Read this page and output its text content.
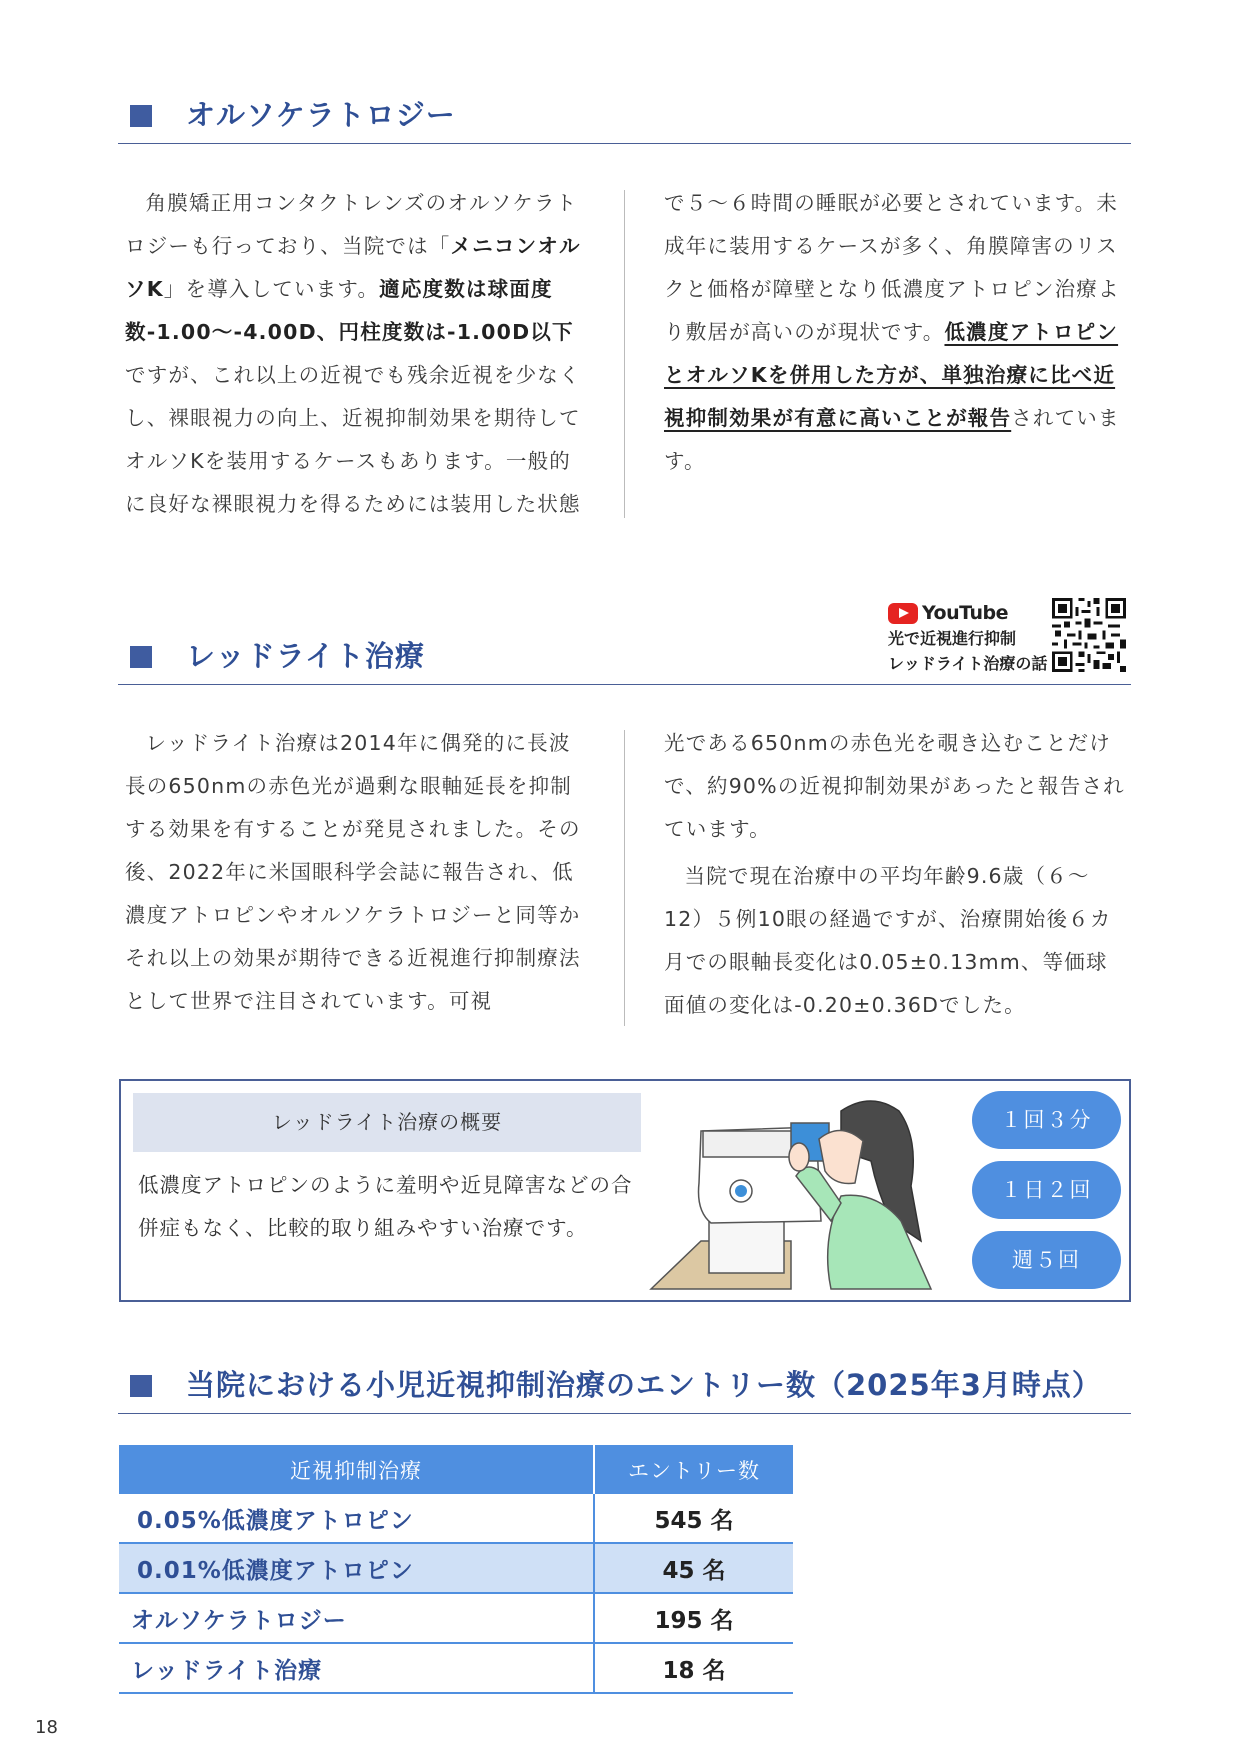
オルソケラトロジー

角膜矯正用コンタクトレンズのオルソケラトロジーも行っており、当院では「メニコンオルソK」を導入しています。適応度数は球面度数-1.00〜-4.00D、円柱度数は-1.00D以下ですが、これ以上の近視でも残余近視を少なくし、裸眼視力の向上、近視抑制効果を期待してオルソKを装用するケースもあります。一般的に良好な裸眼視力を得るためには装用した状態

で５〜６時間の睡眠が必要とされています。未成年に装用するケースが多く、角膜障害のリスクと価格が障壁となり低濃度アトロピン治療より敷居が高いのが現状です。低濃度アトロピンとオルソKを併用した方が、単独治療に比べ近視抑制効果が有意に高いことが報告されています。

YouTube
光で近視進行抑制
レッドライト治療の話
レッドライト治療

レッドライト治療は2014年に偶発的に長波長の650nmの赤色光が過剰な眼軸延長を抑制する効果を有することが発見されました。その後、2022年に米国眼科学会誌に報告され、低濃度アトロピンやオルソケラトロジーと同等かそれ以上の効果が期待できる近視進行抑制療法として世界で注目されています。可視

光である650nmの赤色光を覗き込むことだけで、約90%の近視抑制効果があったと報告されています。

当院で現在治療中の平均年齢9.6歳（６〜12）５例10眼の経過ですが、治療開始後６カ月での眼軸長変化は0.05±0.13mm、等価球面値の変化は-0.20±0.36Dでした。

レッドライト治療の概要
低濃度アトロピンのように羞明や近見障害などの合併症もなく、比較的取り組みやすい治療です。
１回３分
１日２回
週５回
当院における小児近視抑制治療のエントリー数（2025年3月時点）
近視抑制治療	エントリー数
0.05%低濃度アトロピン	545 名
0.01%低濃度アトロピン	45 名
オルソケラトロジー	195 名
レッドライト治療	18 名
18
